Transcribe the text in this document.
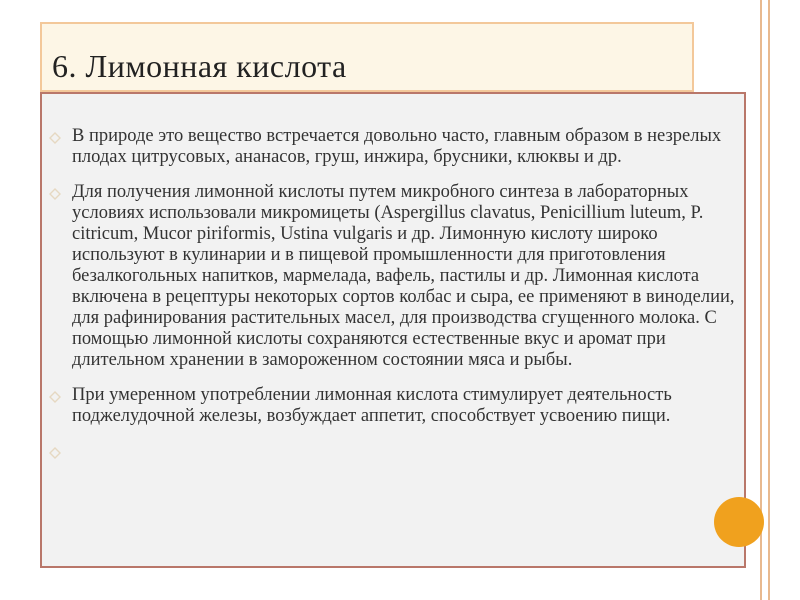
6. Лимонная кислота
В природе это вещество встречается довольно часто, главным образом в незрелых плодах цитрусовых, ананасов, груш, инжира, брусники, клюквы и др.
Для получения лимонной кислоты путем микробного синтеза в лабораторных условиях использовали микромицеты (Aspergillus clavatus, Penicillium luteum, P. citricum, Mucor piriformis, Ustina vulgaris и др. Лимонную кислоту широко используют в кулинарии и в пищевой промышленности для приготовления безалкогольных напитков, мармелада, вафель, пастилы и др. Лимонная кислота включена в рецептуры некоторых сортов колбас и сыра, ее применяют в виноделии, для рафинирования растительных масел, для производства сгущенного молока. С помощью лимонной кислоты сохраняются естественные вкус и аромат при длительном хранении в замороженном состоянии мяса и рыбы.
При умеренном употреблении лимонная кислота стимулирует деятельность поджелудочной железы, возбуждает аппетит, способствует усвоению пищи.
